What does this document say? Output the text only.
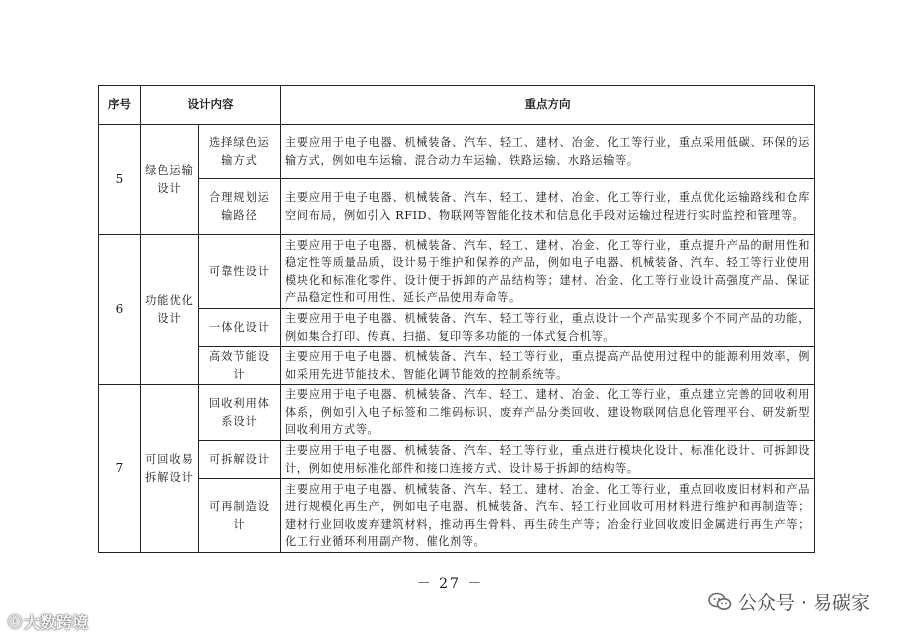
序号	设计内容		重点方向
5	绿色运输设计	选择绿色运输方式	主要应用于电子电器、机械装备、汽车、轻工、建材、冶金、化工等行业，重点采用低碳、环保的运输方式，例如电车运输、混合动力车运输、铁路运输、水路运输等。
		合理规划运输路径	主要应用于电子电器、机械装备、汽车、轻工、建材、冶金、化工等行业，重点优化运输路线和仓库空间布局，例如引入 RFID、物联网等智能化技术和信息化手段对运输过程进行实时监控和管理等。
6	功能优化设计	可靠性设计	主要应用于电子电器、机械装备、汽车、轻工、建材、冶金、化工等行业，重点提升产品的耐用性和稳定性等质量品质，设计易于维护和保养的产品，例如电子电器、机械装备、汽车、轻工等行业使用模块化和标准化零件、设计便于拆卸的产品结构等；建材、冶金、化工等行业设计高强度产品、保证产品稳定性和可用性、延长产品使用寿命等。
		一体化设计	主要应用于电子电器、机械装备、汽车、轻工等行业，重点设计一个产品实现多个不同产品的功能，例如集合打印、传真、扫描、复印等多功能的一体式复合机等。
		高效节能设计	主要应用于电子电器、机械装备、汽车、轻工等行业，重点提高产品使用过程中的能源利用效率，例如采用先进节能技术、智能化调节能效的控制系统等。
7	可回收易拆解设计	回收利用体系设计	主要应用于电子电器、机械装备、汽车、轻工、建材、冶金、化工等行业，重点建立完善的回收利用体系，例如引入电子标签和二维码标识、废弃产品分类回收、建设物联网信息化管理平台、研发新型回收利用方式等。
		可拆解设计	主要应用于电子电器、机械装备、汽车、轻工等行业，重点进行模块化设计、标准化设计、可拆卸设计，例如使用标准化部件和接口连接方式、设计易于拆卸的结构等。
		可再制造设计	主要应用于电子电器、机械装备、汽车、轻工、建材、冶金、化工等行业，重点回收废旧材料和产品进行规模化再生产，例如电子电器、机械装备、汽车、轻工行业回收可用材料进行维护和再制造等；建材行业回收废弃建筑材料，推动再生骨料、再生砖生产等；冶金行业回收废旧金属进行再生产等；化工行业循环利用副产物、催化剂等。
－ 27 －
公众号 · 易碳家
ⓒ 大数跨境
